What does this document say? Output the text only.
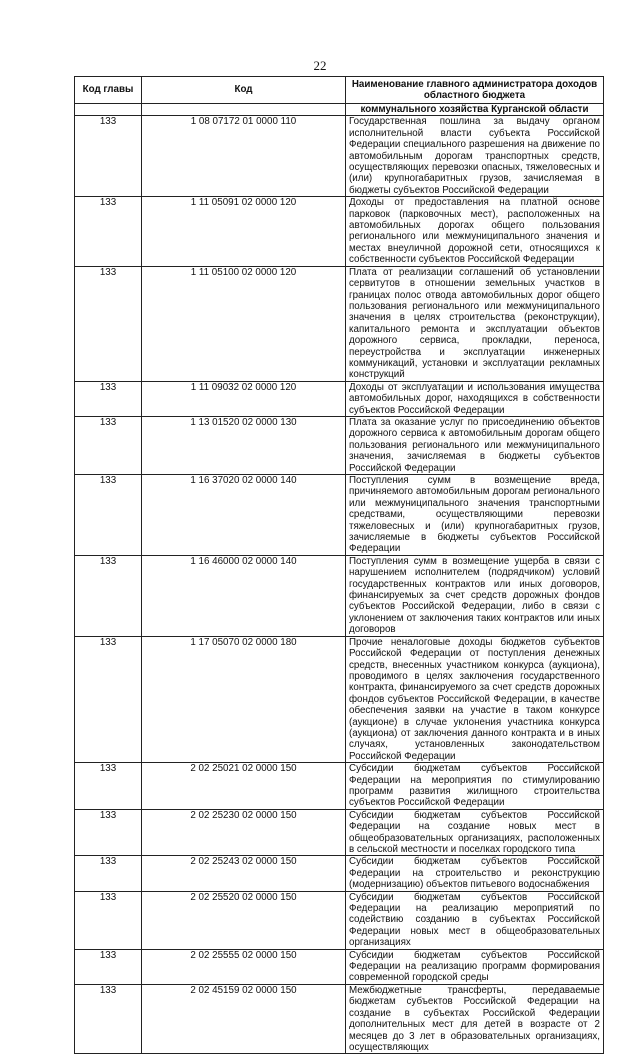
22
Код главы	Код	Наименование главного администратора доходов областного бюджета
		коммунального хозяйства Курганской области
133	1 08 07172 01 0000 110	Государственная пошлина за выдачу органом исполнительной власти субъекта Российской Федерации специального разрешения на движение по автомобильным дорогам транспортных средств, осуществляющих перевозки опасных, тяжеловесных и (или) крупногабаритных грузов, зачисляемая в бюджеты субъектов Российской Федерации
133	1 11 05091 02 0000 120	Доходы от предоставления на платной основе парковок (парковочных мест), расположенных на автомобильных дорогах общего пользования регионального или межмуниципального значения и местах внеуличной дорожной сети, относящихся к собственности субъектов Российской Федерации
133	1 11 05100 02 0000 120	Плата от реализации соглашений об установлении сервитутов в отношении земельных участков в границах полос отвода автомобильных дорог общего пользования регионального или межмуниципального значения в целях строительства (реконструкции), капитального ремонта и эксплуатации объектов дорожного сервиса, прокладки, переноса, переустройства и эксплуатации инженерных коммуникаций, установки и эксплуатации рекламных конструкций
133	1 11 09032 02 0000 120	Доходы от эксплуатации и использования имущества автомобильных дорог, находящихся в собственности субъектов Российской Федерации
133	1 13 01520 02 0000 130	Плата за оказание услуг по присоединению объектов дорожного сервиса к автомобильным дорогам общего пользования регионального или межмуниципального значения, зачисляемая в бюджеты субъектов Российской Федерации
133	1 16 37020 02 0000 140	Поступления сумм в возмещение вреда, причиняемого автомобильным дорогам регионального или межмуниципального значения транспортными средствами, осуществляющими перевозки тяжеловесных и (или) крупногабаритных грузов, зачисляемые в бюджеты субъектов Российской Федерации
133	1 16 46000 02 0000 140	Поступления сумм в возмещение ущерба в связи с нарушением исполнителем (подрядчиком) условий государственных контрактов или иных договоров, финансируемых за счет средств дорожных фондов субъектов Российской Федерации, либо в связи с уклонением от заключения таких контрактов или иных договоров
133	1 17 05070 02 0000 180	Прочие неналоговые доходы бюджетов субъектов Российской Федерации от поступления денежных средств, внесенных участником конкурса (аукциона), проводимого в целях заключения государственного контракта, финансируемого за счет средств дорожных фондов субъектов Российской Федерации, в качестве обеспечения заявки на участие в таком конкурсе (аукционе) в случае уклонения участника конкурса (аукциона) от заключения данного контракта и в иных случаях, установленных законодательством Российской Федерации
133	2 02 25021 02 0000 150	Субсидии бюджетам субъектов Российской Федерации на мероприятия по стимулированию программ развития жилищного строительства субъектов Российской Федерации
133	2 02 25230 02 0000 150	Субсидии бюджетам субъектов Российской Федерации на создание новых мест в общеобразовательных организациях, расположенных в сельской местности и поселках городского типа
133	2 02 25243 02 0000 150	Субсидии бюджетам субъектов Российской Федерации на строительство и реконструкцию (модернизацию) объектов питьевого водоснабжения
133	2 02 25520 02 0000 150	Субсидии бюджетам субъектов Российской Федерации на реализацию мероприятий по содействию созданию в субъектах Российской Федерации новых мест в общеобразовательных организациях
133	2 02 25555 02 0000 150	Субсидии бюджетам субъектов Российской Федерации на реализацию программ формирования современной городской среды
133	2 02 45159 02 0000 150	Межбюджетные трансферты, передаваемые бюджетам субъектов Российской Федерации на создание в субъектах Российской Федерации дополнительных мест для детей в возрасте от 2 месяцев до 3 лет в образовательных организациях, осуществляющих
